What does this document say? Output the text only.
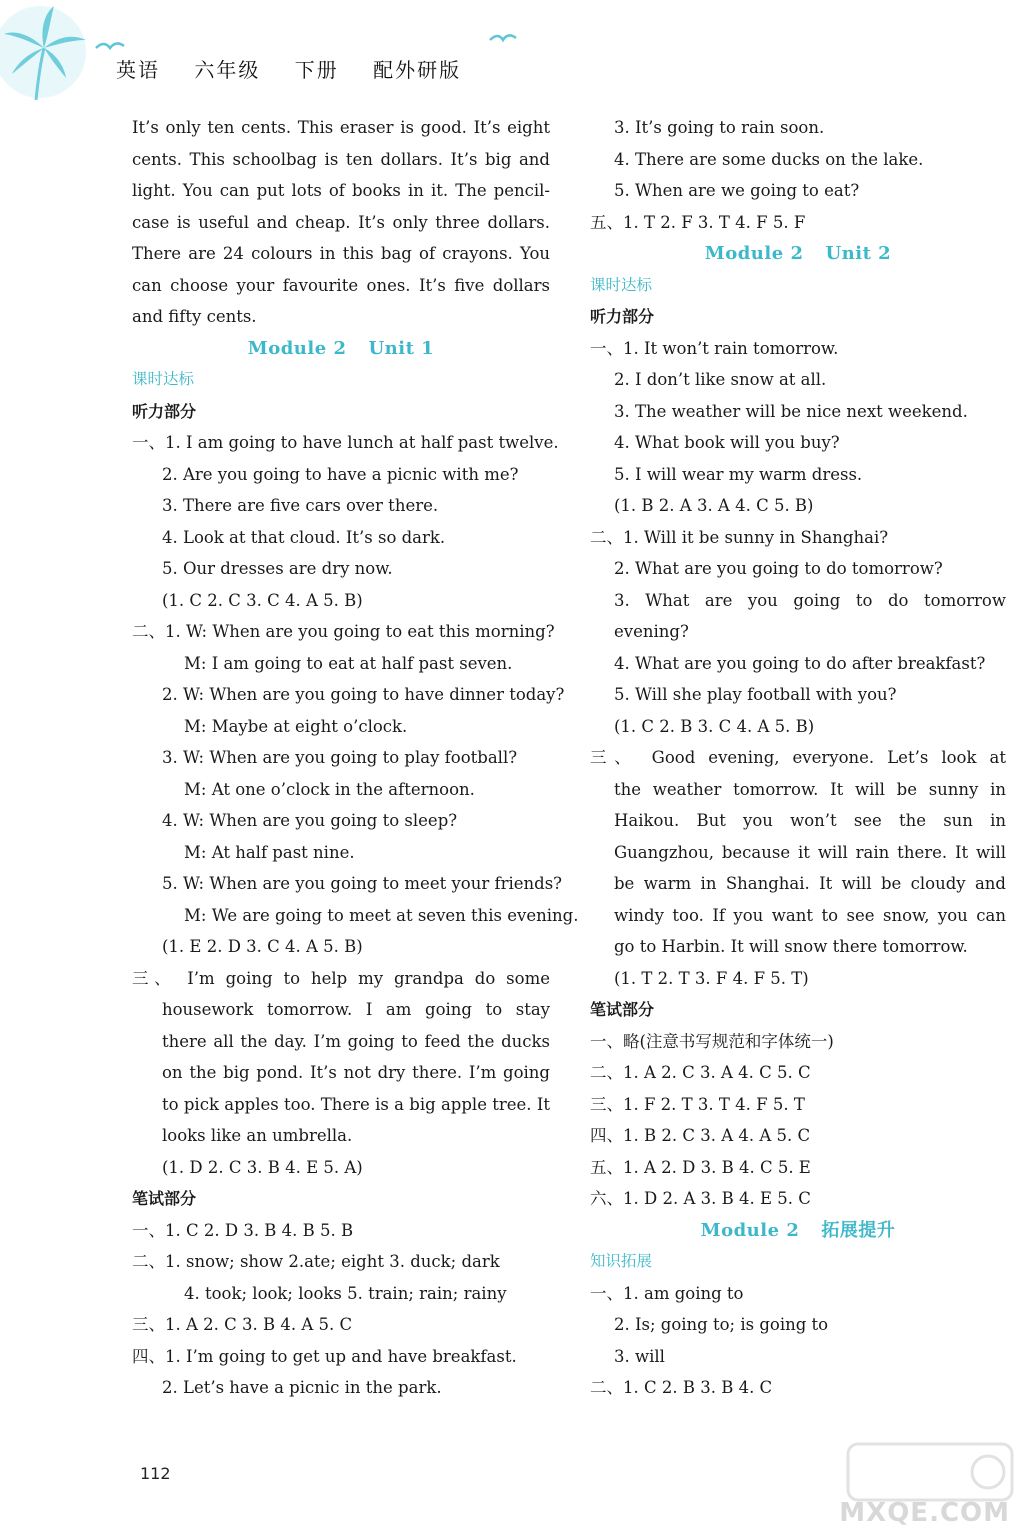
英语 六年级 下册 配外研版
It’s only ten cents. This eraser is good. It’s eight
cents. This schoolbag is ten dollars. It’s big and
light. You can put lots of books in it. The pencil-
case is useful and cheap. It’s only three dollars.
There are 24 colours in this bag of crayons. You
can choose your favourite ones. It’s five dollars
and fifty cents.
Module 2 Unit 1
课时达标
听力部分
一、1. I am going to have lunch at half past twelve.
2. Are you going to have a picnic with me?
3. There are five cars over there.
4. Look at that cloud. It’s so dark.
5. Our dresses are dry now.
(1. C 2. C 3. C 4. A 5. B)
二、1. W: When are you going to eat this morning?
M: I am going to eat at half past seven.
2. W: When are you going to have dinner today?
M: Maybe at eight o’clock.
3. W: When are you going to play football?
M: At one o’clock in the afternoon.
4. W: When are you going to sleep?
M: At half past nine.
5. W: When are you going to meet your friends?
M: We are going to meet at seven this evening.
(1. E 2. D 3. C 4. A 5. B)
三、 I’m going to help my grandpa do some
housework tomorrow. I am going to stay
there all the day. I’m going to feed the ducks
on the big pond. It’s not dry there. I’m going
to pick apples too. There is a big apple tree. It
looks like an umbrella.
(1. D 2. C 3. B 4. E 5. A)
笔试部分
一、1. C 2. D 3. B 4. B 5. B
二、1. snow; show 2.ate; eight 3. duck; dark
4. took; look; looks 5. train; rain; rainy
三、1. A 2. C 3. B 4. A 5. C
四、1. I’m going to get up and have breakfast.
2. Let’s have a picnic in the park.
3. It’s going to rain soon.
4. There are some ducks on the lake.
5. When are we going to eat?
五、1. T 2. F 3. T 4. F 5. F
Module 2 Unit 2
课时达标
听力部分
一、1. It won’t rain tomorrow.
2. I don’t like snow at all.
3. The weather will be nice next weekend.
4. What book will you buy?
5. I will wear my warm dress.
(1. B 2. A 3. A 4. C 5. B)
二、1. Will it be sunny in Shanghai?
2. What are you going to do tomorrow?
3. What are you going to do tomorrow
evening?
4. What are you going to do after breakfast?
5. Will she play football with you?
(1. C 2. B 3. C 4. A 5. B)
三、 Good evening, everyone. Let’s look at
the weather tomorrow. It will be sunny in
Haikou. But you won’t see the sun in
Guangzhou, because it will rain there. It will
be warm in Shanghai. It will be cloudy and
windy too. If you want to see snow, you can
go to Harbin. It will snow there tomorrow.
(1. T 2. T 3. F 4. F 5. T)
笔试部分
一、略(注意书写规范和字体统一)
二、1. A 2. C 3. A 4. C 5. C
三、1. F 2. T 3. T 4. F 5. T
四、1. B 2. C 3. A 4. A 5. C
五、1. A 2. D 3. B 4. C 5. E
六、1. D 2. A 3. B 4. E 5. C
Module 2 拓展提升
知识拓展
一、1. am going to
2. Is; going to; is going to
3. will
二、1. C 2. B 3. B 4. C
112
MXQE.COM
